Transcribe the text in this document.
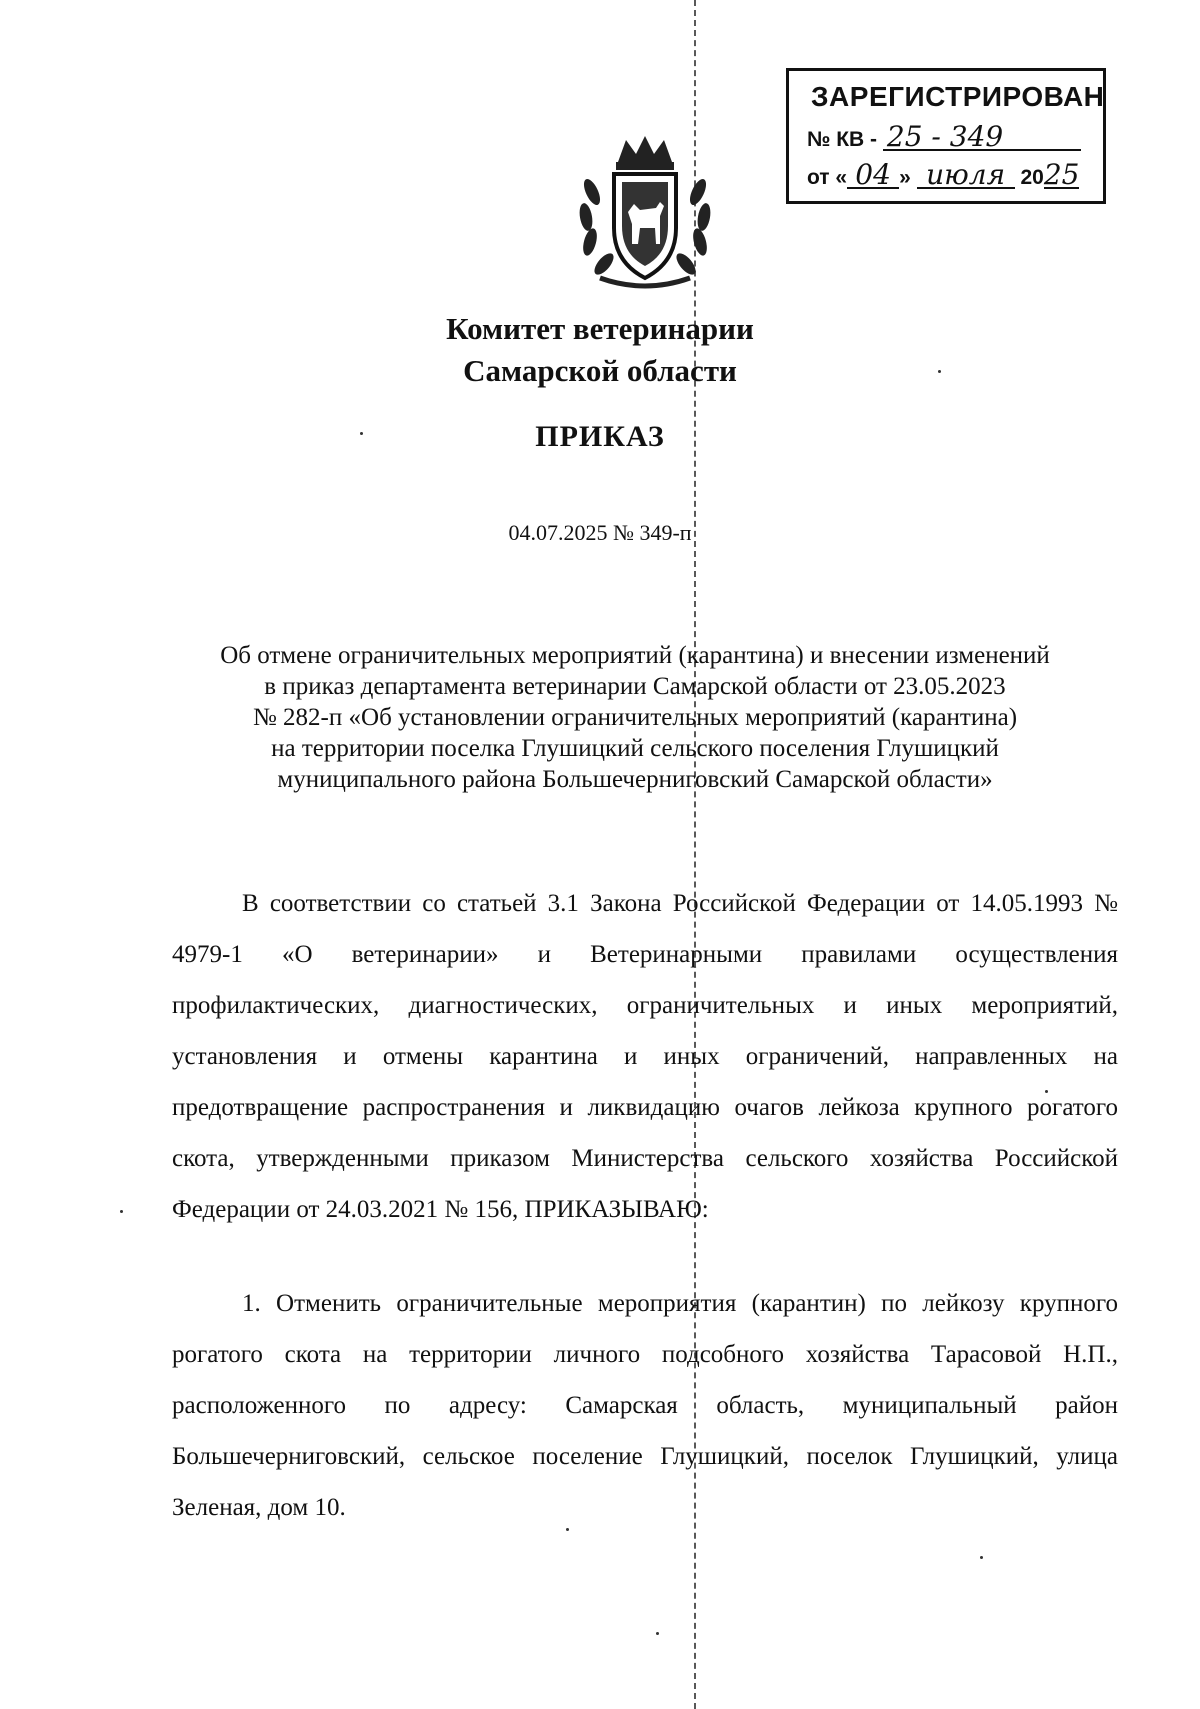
ЗАРЕГИСТРИРОВАН
№ КВ - 25 - 349
от « 04 » июля 2025
Комитет ветеринарии
Самарской области
ПРИКАЗ
04.07.2025 № 349-п
Об отмене ограничительных мероприятий (карантина) и внесении изменений
в приказ департамента ветеринарии Самарской области от 23.05.2023
№ 282-п «Об установлении ограничительных мероприятий (карантина)
на территории поселка Глушицкий сельского поселения Глушицкий
муниципального района Большечерниговский Самарской области»
В соответствии со статьей 3.1 Закона Российской Федерации от 14.05.1993 № 4979-1 «О ветеринарии» и Ветеринарными правилами осуществления профилактических, диагностических, ограничительных и иных мероприятий, установления и отмены карантина и иных ограничений, направленных на предотвращение распространения и ликвидацию очагов лейкоза крупного рогатого скота, утвержденными приказом Министерства сельского хозяйства Российской Федерации от 24.03.2021 № 156, ПРИКАЗЫВАЮ:
1. Отменить ограничительные мероприятия (карантин) по лейкозу крупного рогатого скота на территории личного подсобного хозяйства Тарасовой Н.П., расположенного по адресу: Самарская область, муниципальный район Большечерниговский, сельское поселение Глушицкий, поселок Глушицкий, улица Зеленая, дом 10.
